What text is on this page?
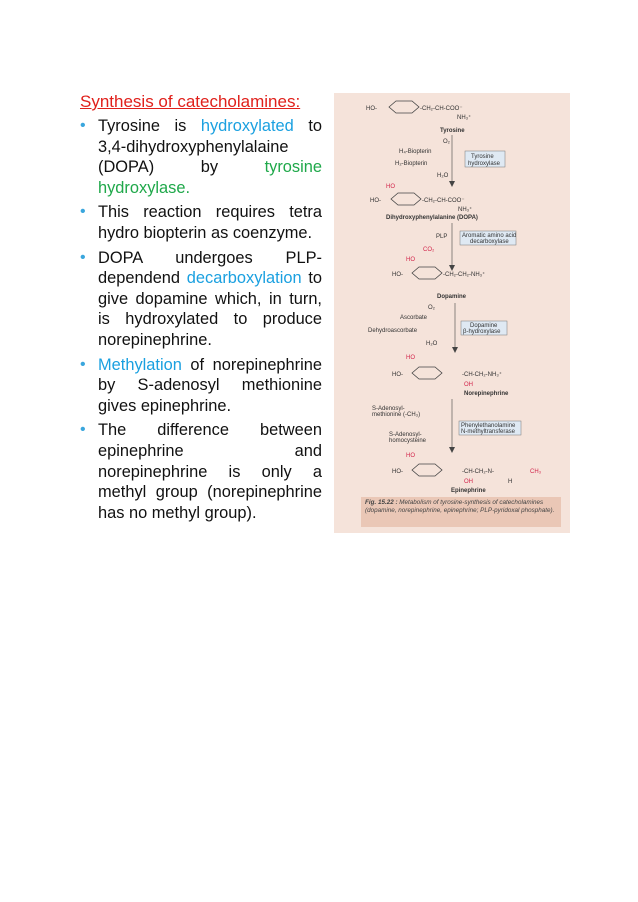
Synthesis of catecholamines:
• Tyrosine is hydroxylated to 3,4-dihydroxyphenylalaine (DOPA) by tyrosine hydroxylase.
• This reaction requires tetra hydro biopterin as coenzyme.
• DOPA undergoes PLP-dependend decarboxylation to give dopamine which, in turn, is hydroxylated to produce norepinephrine.
• Methylation of norepinephrine by S-adenosyl methionine gives epinephrine.
• The difference between epinephrine and norepinephrine is only a methyl group (norepinephrine has no methyl group).
HO-	-CH₂-CH-COO⁻
NH₃⁺
Tyrosine
O₂
H₄-Biopterin
H₂-Biopterin
H₂O
Tyrosine
hydroxylase
HO
HO-	-CH₂-CH-COO⁻
NH₃⁺
Dihydroxyphenylalanine (DOPA)
PLP
CO₂
Aromatic amino acid
decarboxylase
HO
HO-	-CH₂-CH₂-NH₃⁺
Dopamine
O₂
Ascorbate
Dehydroascorbate
H₂O
Dopamine
β-hydroxylase
HO
HO-	-CH-CH₂-NH₃⁺
OH
Norepinephrine
S-Adenosyl-
methionine (-CH₃)
S-Adenosyl-
homocysteine
Phenylethanolamine
N-methyltransferase
HO
HO-	-CH-CH₂-N-	CH₃
OH	H
Epinephrine
Fig. 15.22 : Metabolism of tyrosine-synthesis of catecholamines (dopamine, norepinephrine, epinephrine; PLP-pyridoxal phosphate).
